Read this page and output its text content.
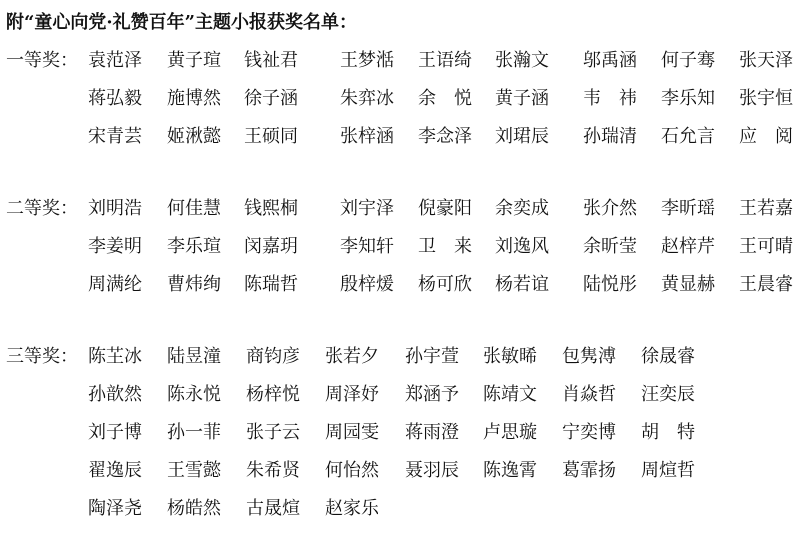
附“童心向党·礼赞百年”主题小报获奖名单：
一等奖： 袁范泽	黄子瑄	钱祉君	王梦湉	王语绮	张瀚文	邬禹涵	何子骞	张天泽
蒋弘毅	施博然	徐子涵	朱弈冰	余　悦	黄子涵	韦　祎	李乐知	张宇恒
宋青芸	姬湫懿	王硕同	张梓涵	李念泽	刘珺辰	孙瑞清	石允言	应　阅
二等奖： 刘明浩	何佳慧	钱熙桐	刘宇泽	倪豪阳	余奕成	张介然	李昕瑶	王若嘉
李姜明	李乐瑄	闵嘉玥	李知轩	卫　来	刘逸风	余昕莹	赵梓芹	王可晴
周满纶	曹炜绚	陈瑞哲	殷梓煖	杨可欣	杨若谊	陆悦彤	黄显赫	王晨睿
三等奖： 陈芏冰	陆昱潼	商钧彦	张若夕	孙宇萱	张敏晞	包隽溥	徐晟睿
孙歆然	陈永悦	杨梓悦	周泽妤	郑涵予	陈靖文	肖焱哲	汪奕辰
刘子博	孙一菲	张子云	周园雯	蒋雨澄	卢思璇	宁奕博	胡　特
翟逸辰	王雪懿	朱希贤	何怡然	聂羽辰	陈逸霄	葛霏扬	周煊哲
陶泽尧	杨皓然	古晟煊	赵家乐
